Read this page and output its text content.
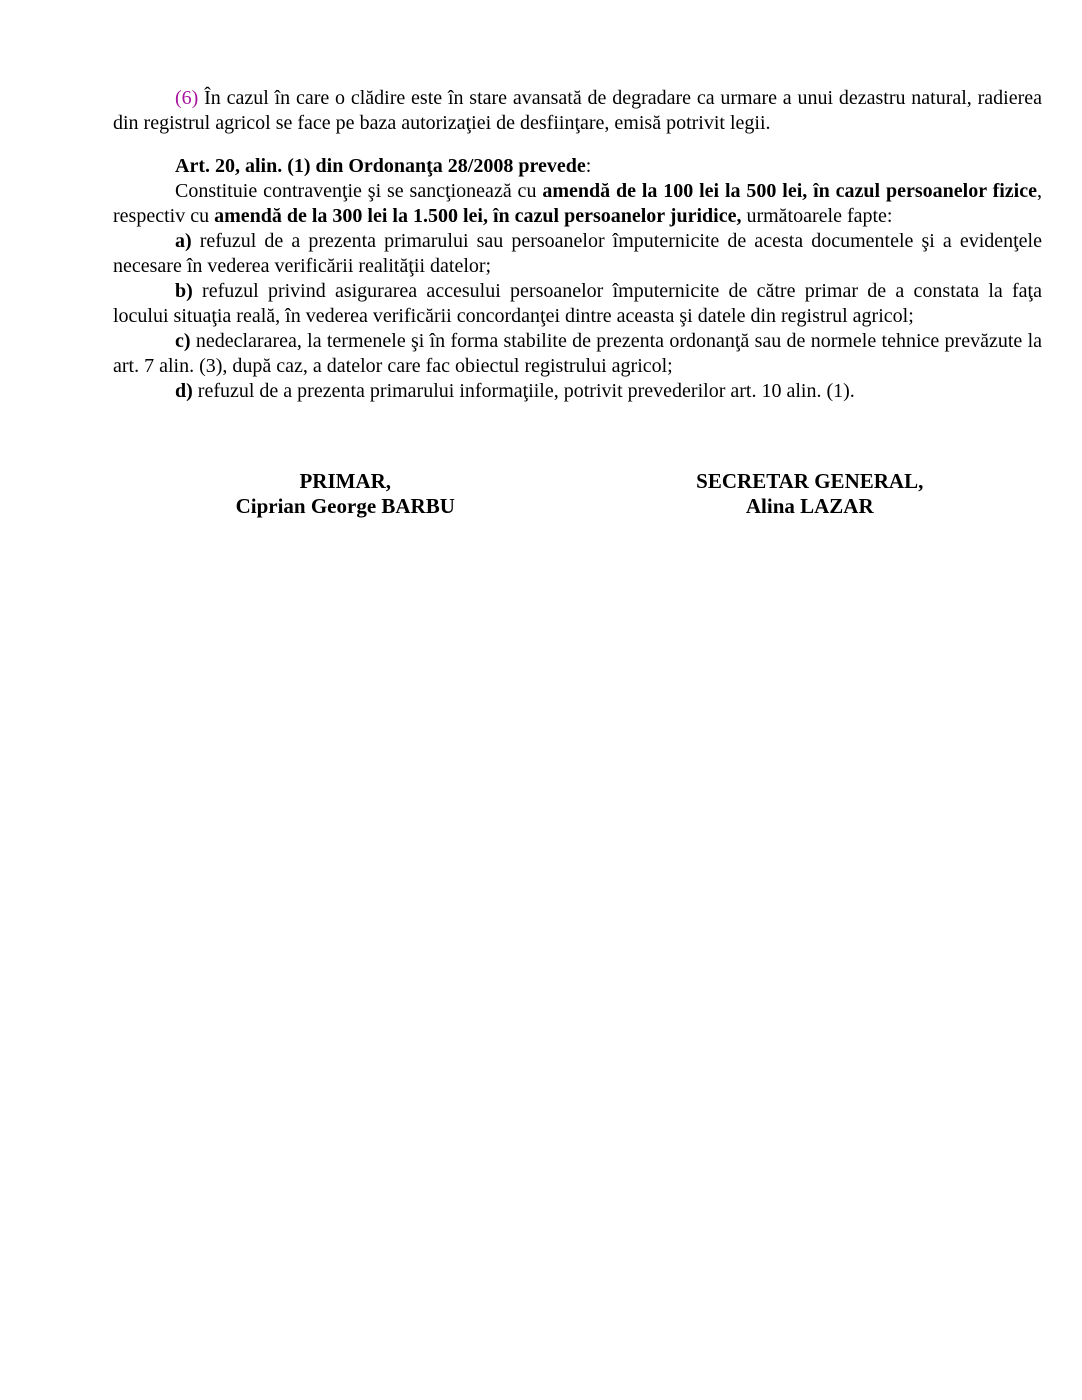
(6) În cazul în care o clădire este în stare avansată de degradare ca urmare a unui dezastru natural, radierea din registrul agricol se face pe baza autorizaţiei de desfiinţare, emisă potrivit legii.

Art. 20, alin. (1) din Ordonanţa 28/2008 prevede:

Constituie contravenţie şi se sancţionează cu amendă de la 100 lei la 500 lei, în cazul persoanelor fizice, respectiv cu amendă de la 300 lei la 1.500 lei, în cazul persoanelor juridice, următoarele fapte:

a) refuzul de a prezenta primarului sau persoanelor împuternicite de acesta documentele şi a evidenţele necesare în vederea verificării realităţii datelor;

b) refuzul privind asigurarea accesului persoanelor împuternicite de către primar de a constata la faţa locului situaţia reală, în vederea verificării concordanţei dintre aceasta şi datele din registrul agricol;

c) nedeclararea, la termenele şi în forma stabilite de prezenta ordonanţă sau de normele tehnice prevăzute la art. 7 alin. (3), după caz, a datelor care fac obiectul registrului agricol;

d) refuzul de a prezenta primarului informaţiile, potrivit prevederilor art. 10 alin. (1).

PRIMAR,
Ciprian George BARBU
SECRETAR GENERAL,
Alina LAZAR
